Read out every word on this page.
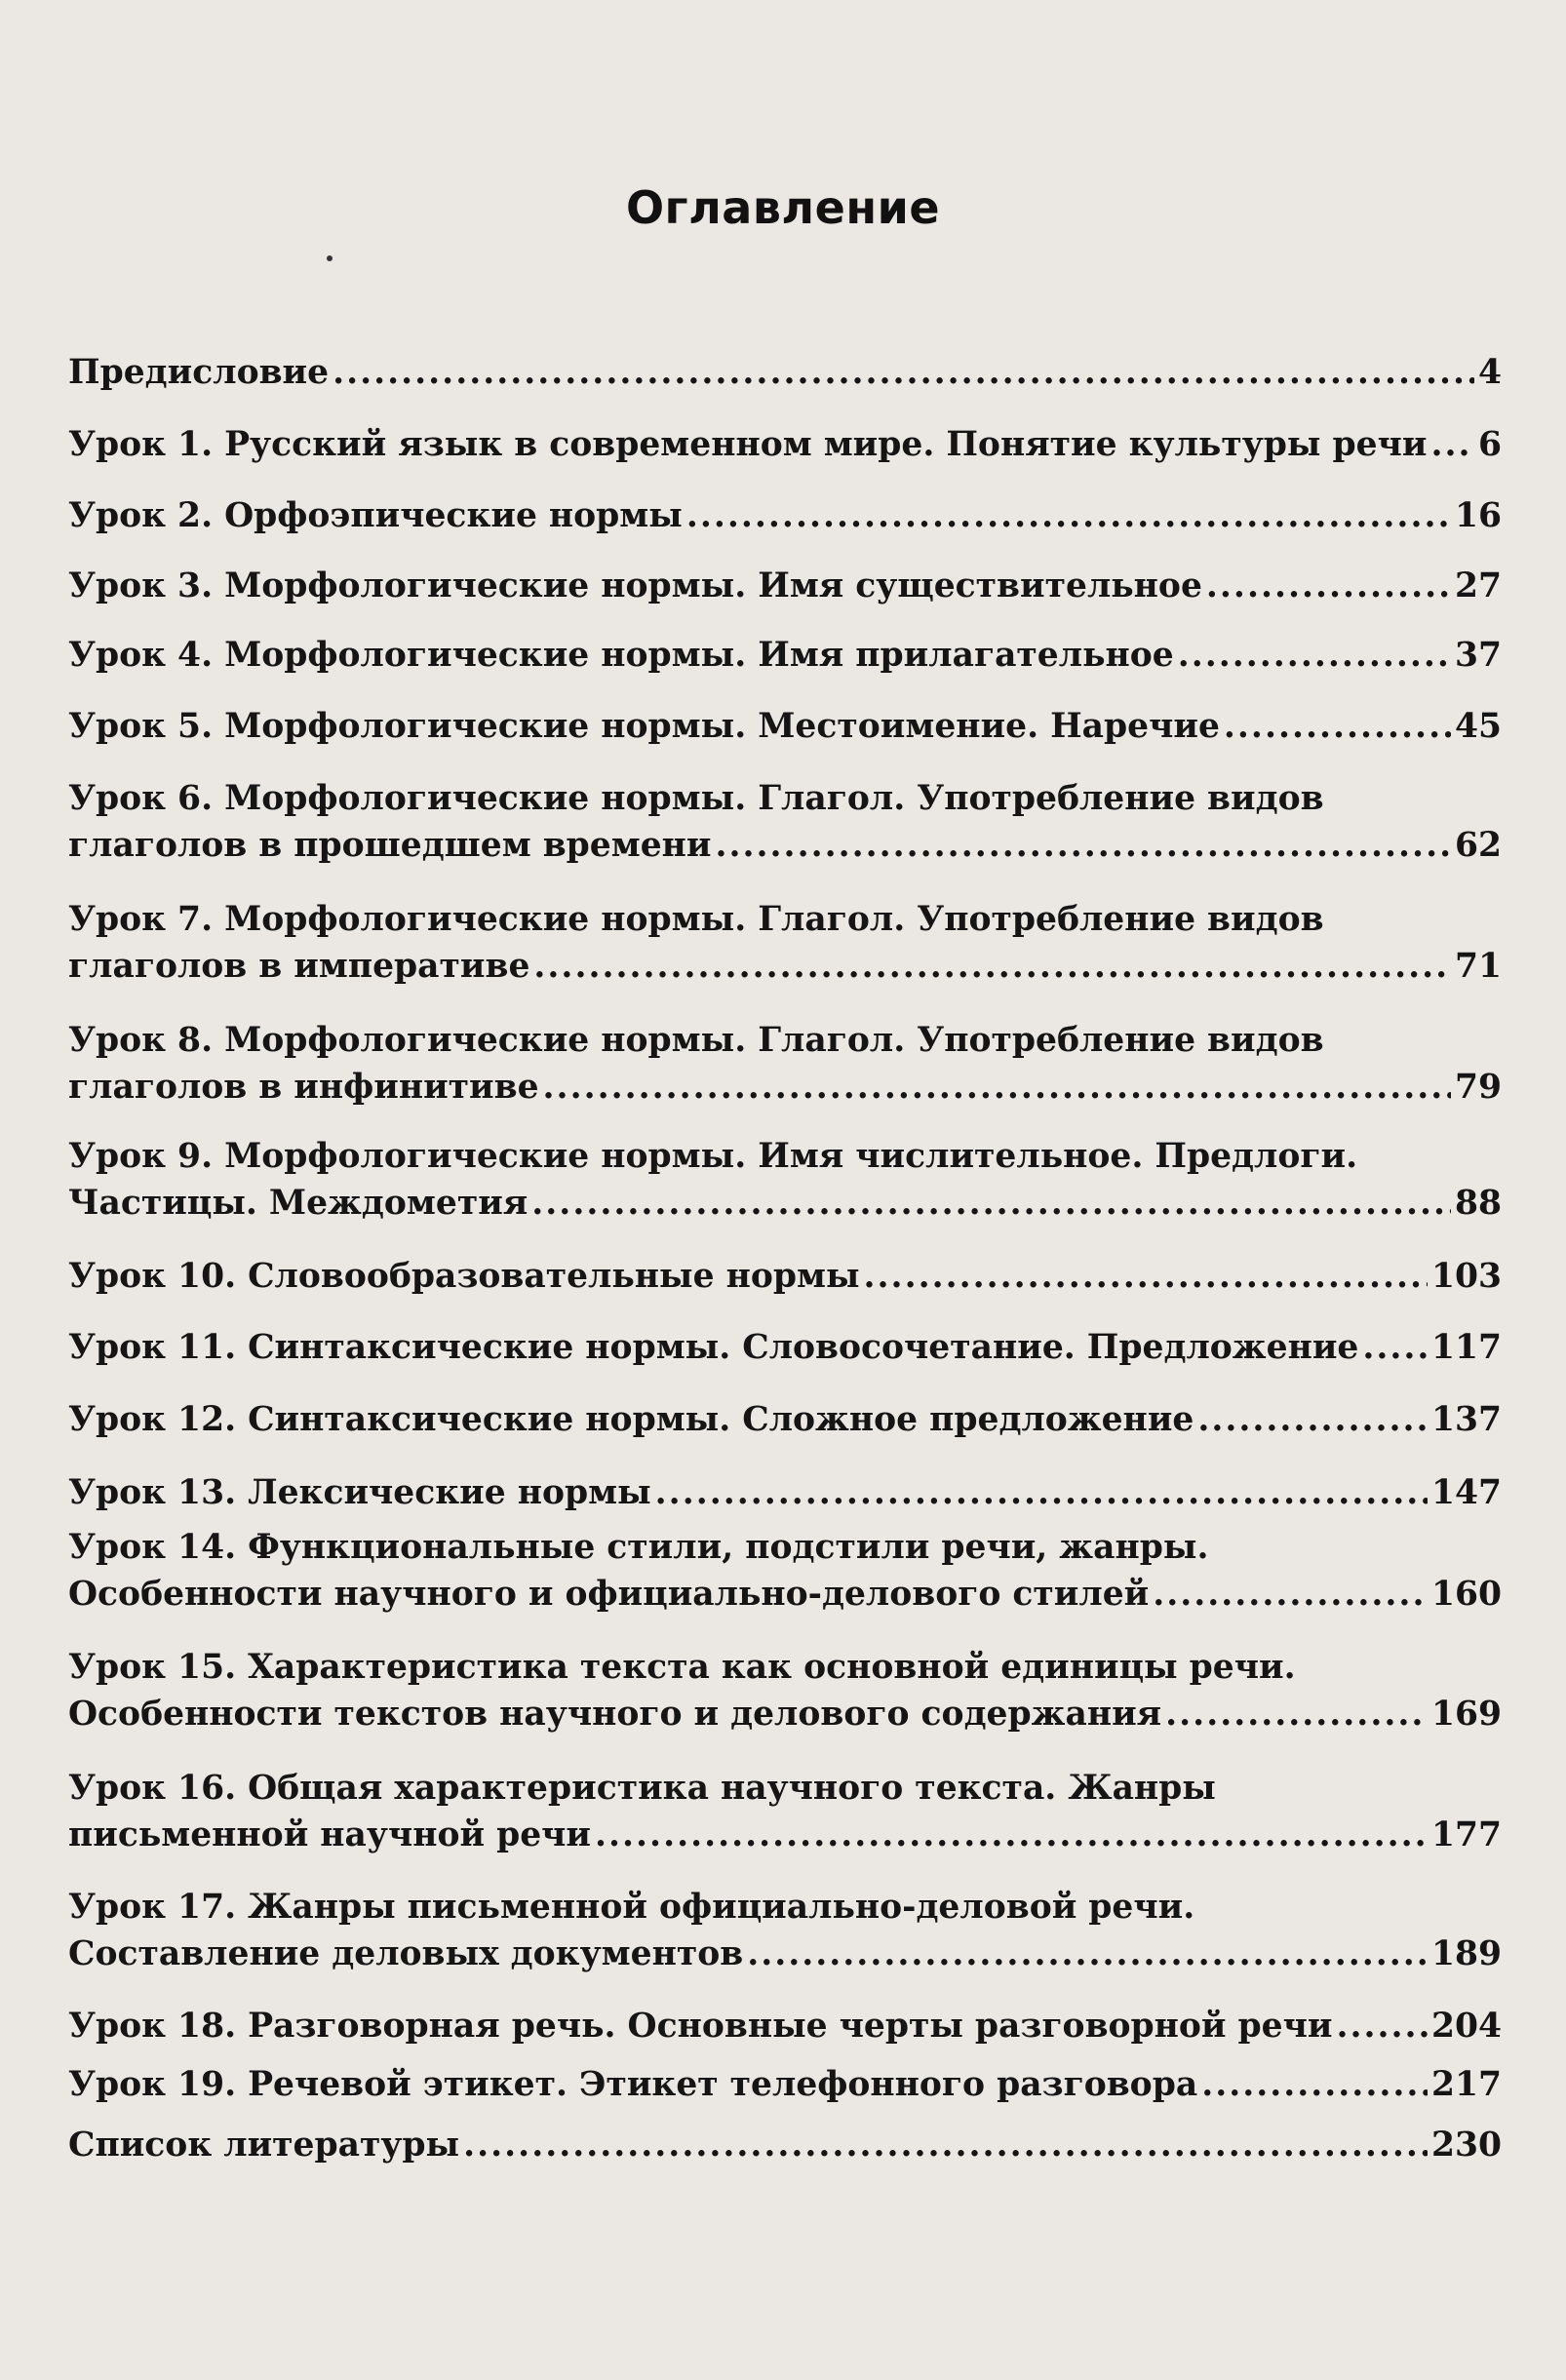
Оглавление
Предисловие .....	4
Урок 1. Русский язык в современном мире. Понятие культуры речи ..... 6
Урок 2. Орфоэпические нормы .....	16
Урок 3. Морфологические нормы. Имя существительное .....	27
Урок 4. Морфологические нормы. Имя прилагательное .....	37
Урок 5. Морфологические нормы. Местоимение. Наречие .....	45
Урок 6. Морфологические нормы. Глагол. Употребление видов
глаголов в прошедшем времени .....	62
Урок 7. Морфологические нормы. Глагол. Употребление видов
глаголов в императиве .....	71
Урок 8. Морфологические нормы. Глагол. Употребление видов
глаголов в инфинитиве .....	79
Урок 9. Морфологические нормы. Имя числительное. Предлоги.
Частицы. Междометия .....	88
Урок 10. Словообразовательные нормы .....	103
Урок 11. Синтаксические нормы. Словосочетание. Предложение ..... 117
Урок 12. Синтаксические нормы. Сложное предложение .....	137
Урок 13. Лексические нормы .....	147
Урок 14. Функциональные стили, подстили речи, жанры.
Особенности научного и официально-делового стилей .....	160
Урок 15. Характеристика текста как основной единицы речи.
Особенности текстов научного и делового содержания .....	169
Урок 16. Общая характеристика научного текста. Жанры
письменной научной речи .....	177
Урок 17. Жанры письменной официально-деловой речи.
Составление деловых документов .....	189
Урок 18. Разговорная речь. Основные черты разговорной речи .....	204
Урок 19. Речевой этикет. Этикет телефонного разговора .....	217
Список литературы .....	230
